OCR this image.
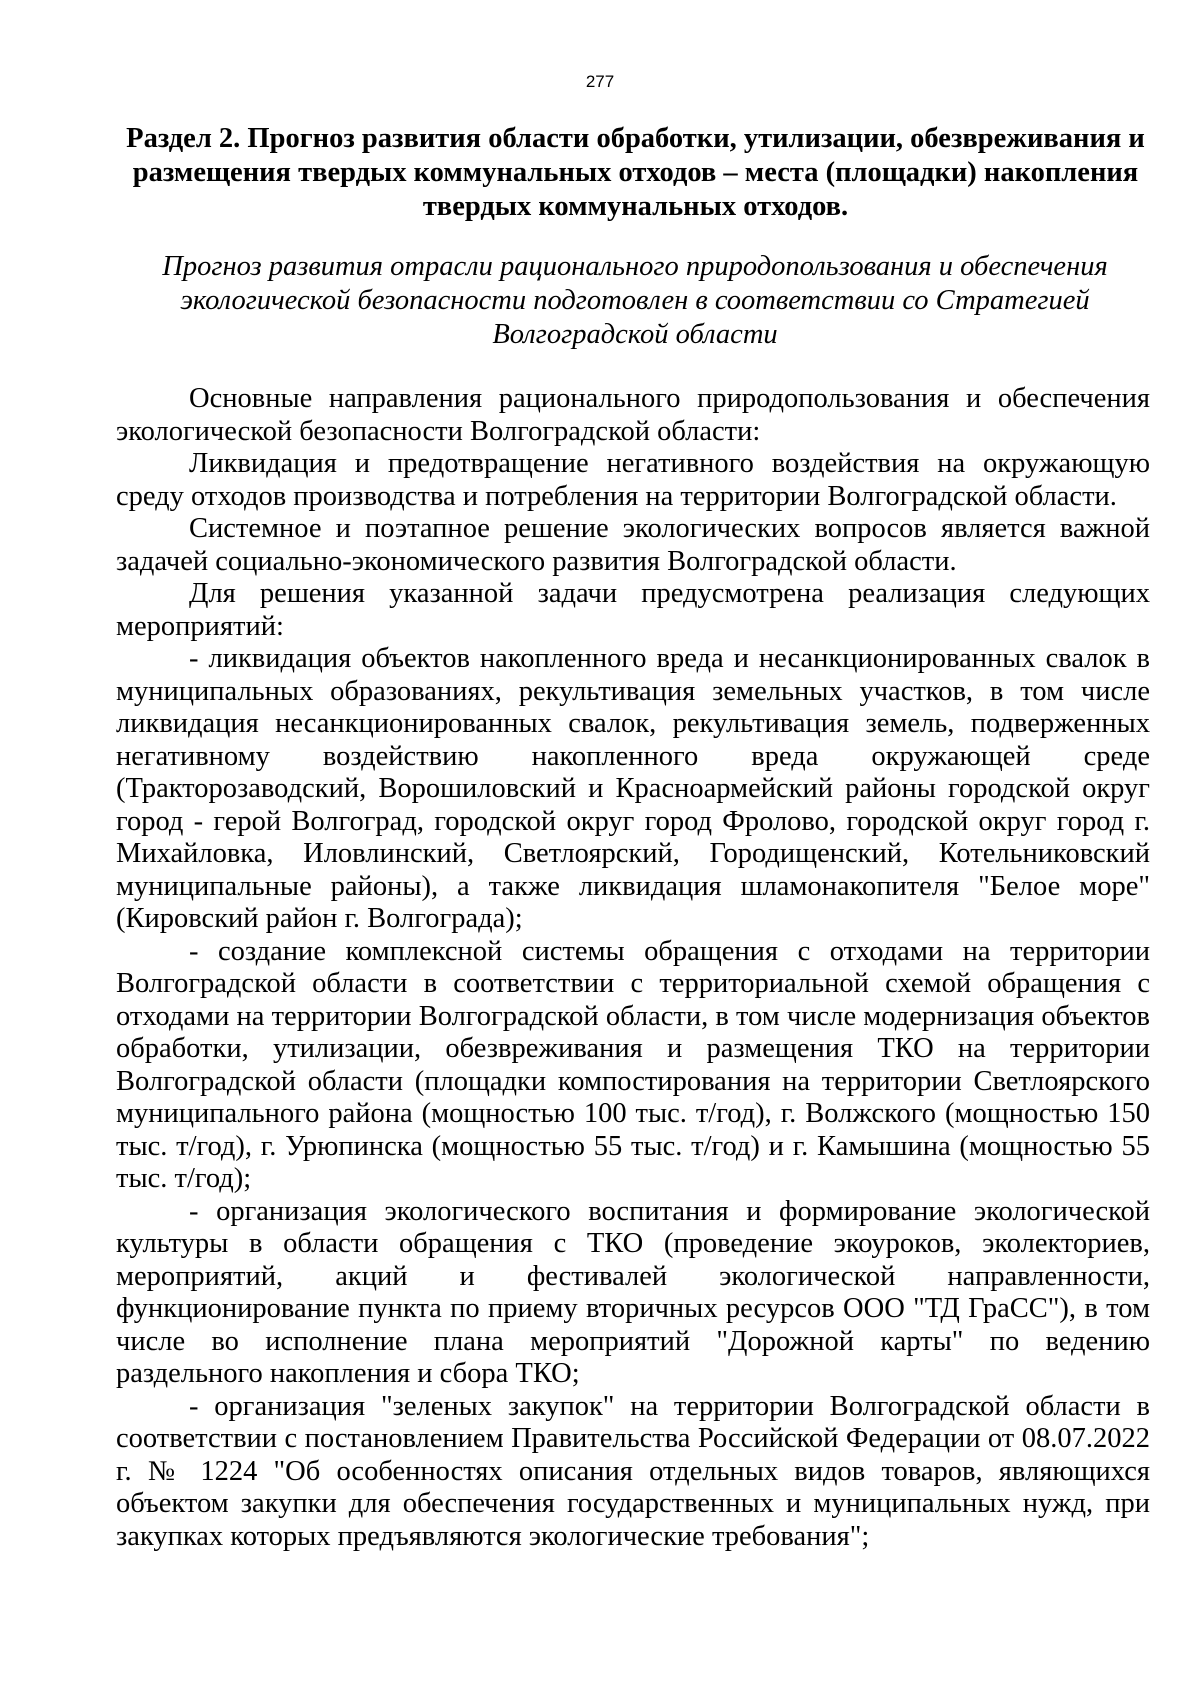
277
Раздел 2. Прогноз развития области обработки, утилизации, обезвреживания и размещения твердых коммунальных отходов – места (площадки) накопления твердых коммунальных отходов.

Прогноз развития отрасли рационального природопользования и обеспечения экологической безопасности подготовлен в соответствии со Стратегией Волгоградской области

Основные направления рационального природопользования и обеспечения экологической безопасности Волгоградской области:

Ликвидация и предотвращение негативного воздействия на окружающую среду отходов производства и потребления на территории Волгоградской области.

Системное и поэтапное решение экологических вопросов является важной задачей социально-экономического развития Волгоградской области.

Для решения указанной задачи предусмотрена реализация следующих мероприятий:

- ликвидация объектов накопленного вреда и несанкционированных свалок в муниципальных образованиях, рекультивация земельных участков, в том числе ликвидация несанкционированных свалок, рекультивация земель, подверженных негативному воздействию накопленного вреда окружающей среде (Тракторозаводский, Ворошиловский и Красноармейский районы городской округ город - герой Волгоград, городской округ город Фролово, городской округ город г. Михайловка, Иловлинский, Светлоярский, Городищенский, Котельниковский муниципальные районы), а также ликвидация шламонакопителя "Белое море" (Кировский район г. Волгограда);

- создание комплексной системы обращения с отходами на территории Волгоградской области в соответствии с территориальной схемой обращения с отходами на территории Волгоградской области, в том числе модернизация объектов обработки, утилизации, обезвреживания и размещения ТКО на территории Волгоградской области (площадки компостирования на территории Светлоярского муниципального района (мощностью 100 тыс. т/год), г. Волжского (мощностью 150 тыс. т/год), г. Урюпинска (мощностью 55 тыс. т/год) и г. Камышина (мощностью 55 тыс. т/год);

- организация экологического воспитания и формирование экологической культуры в области обращения с ТКО (проведение экоуроков, эколекториев, мероприятий, акций и фестивалей экологической направленности, функционирование пункта по приему вторичных ресурсов ООО "ТД ГраСС"), в том числе во исполнение плана мероприятий "Дорожной карты" по ведению раздельного накопления и сбора ТКО;

- организация "зеленых закупок" на территории Волгоградской области в соответствии с постановлением Правительства Российской Федерации от 08.07.2022 г. № 1224 "Об особенностях описания отдельных видов товаров, являющихся объектом закупки для обеспечения государственных и муниципальных нужд, при закупках которых предъявляются экологические требования";
